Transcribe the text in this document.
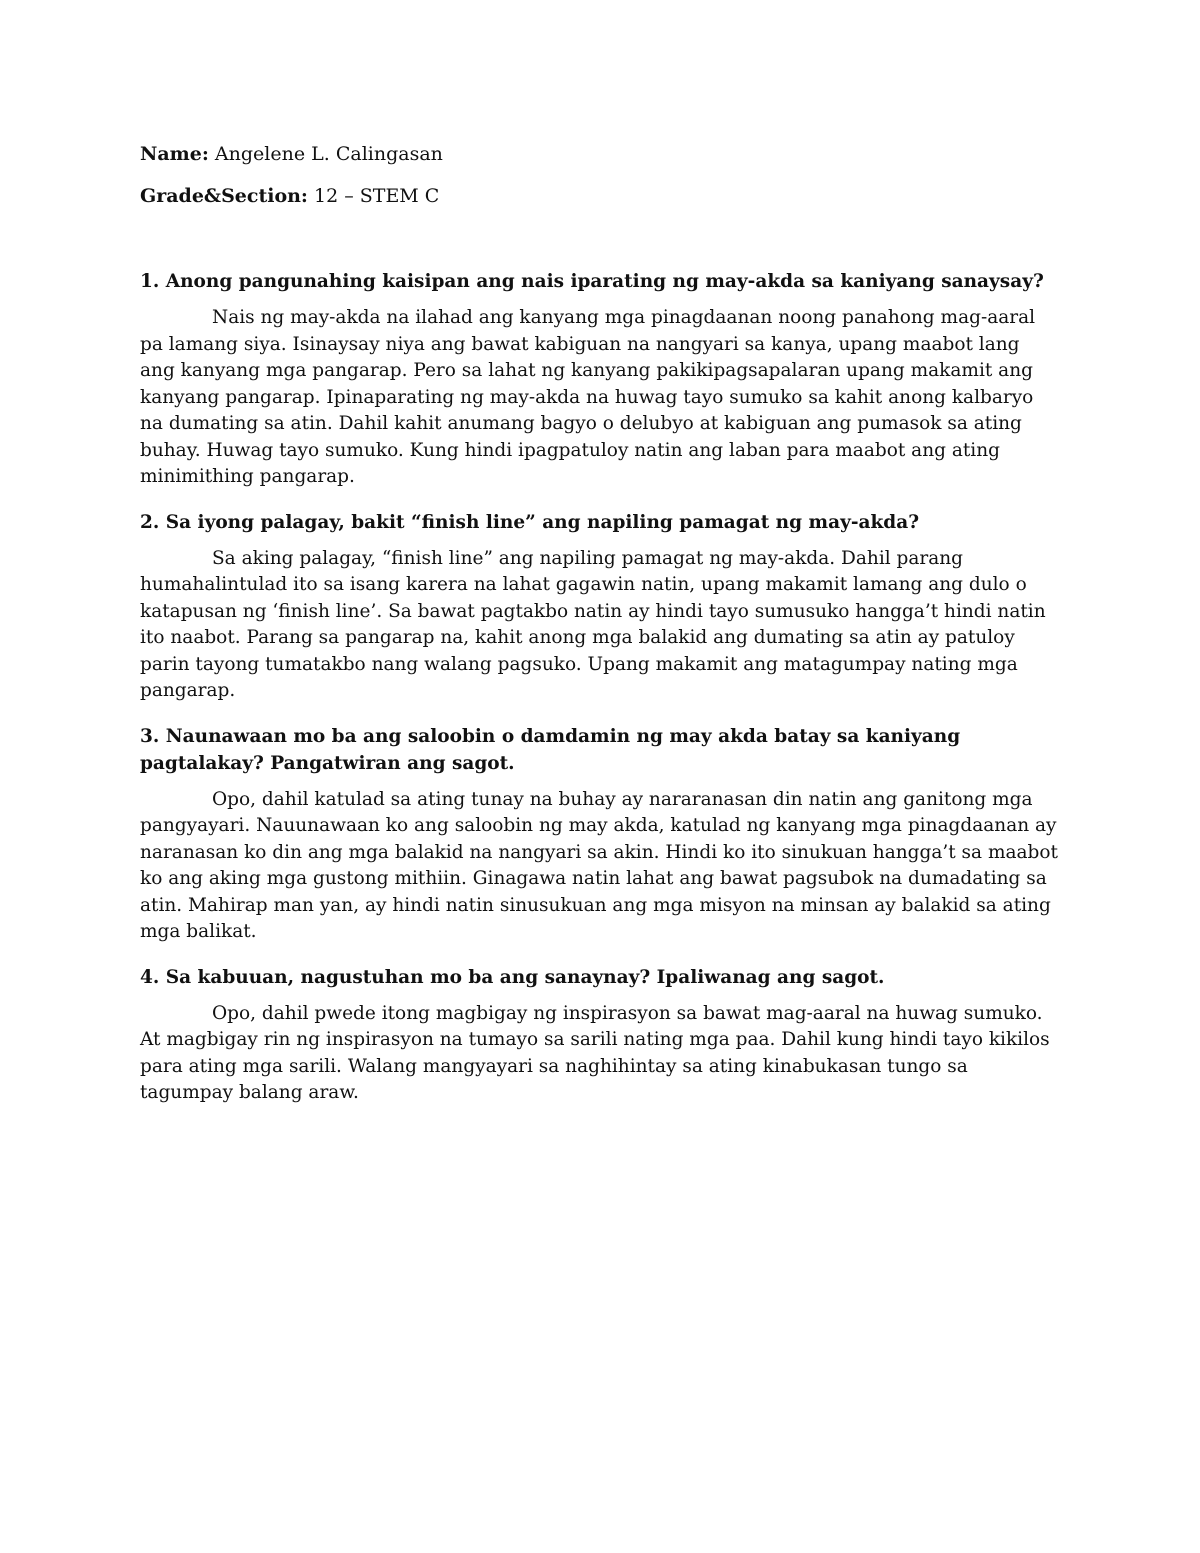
Name: Angelene L. Calingasan

Grade&Section: 12 – STEM C

1. Anong pangunahing kaisipan ang nais iparating ng may-akda sa kaniyang sanaysay?

Nais ng may-akda na ilahad ang kanyang mga pinagdaanan noong panahong mag-aaral pa lamang siya. Isinaysay niya ang bawat kabiguan na nangyari sa kanya, upang maabot lang ang kanyang mga pangarap. Pero sa lahat ng kanyang pakikipagsapalaran upang makamit ang kanyang pangarap. Ipinaparating ng may-akda na huwag tayo sumuko sa kahit anong kalbaryo na dumating sa atin. Dahil kahit anumang bagyo o delubyo at kabiguan ang pumasok sa ating buhay. Huwag tayo sumuko. Kung hindi ipagpatuloy natin ang laban para maabot ang ating minimithing pangarap.

2. Sa iyong palagay, bakit “finish line” ang napiling pamagat ng may-akda?

Sa aking palagay, “finish line” ang napiling pamagat ng may-akda. Dahil parang humahalintulad ito sa isang karera na lahat gagawin natin, upang makamit lamang ang dulo o katapusan ng ‘finish line’. Sa bawat pagtakbo natin ay hindi tayo sumusuko hangga’t hindi natin ito naabot. Parang sa pangarap na, kahit anong mga balakid ang dumating sa atin ay patuloy parin tayong tumatakbo nang walang pagsuko. Upang makamit ang matagumpay nating mga pangarap.

3. Naunawaan mo ba ang saloobin o damdamin ng may akda batay sa kaniyang pagtalakay? Pangatwiran ang sagot.

Opo, dahil katulad sa ating tunay na buhay ay nararanasan din natin ang ganitong mga pangyayari. Nauunawaan ko ang saloobin ng may akda, katulad ng kanyang mga pinagdaanan ay naranasan ko din ang mga balakid na nangyari sa akin. Hindi ko ito sinukuan hangga’t sa maabot ko ang aking mga gustong mithiin. Ginagawa natin lahat ang bawat pagsubok na dumadating sa atin. Mahirap man yan, ay hindi natin sinusukuan ang mga misyon na minsan ay balakid sa ating mga balikat.

4. Sa kabuuan, nagustuhan mo ba ang sanaynay? Ipaliwanag ang sagot.

Opo, dahil pwede itong magbigay ng inspirasyon sa bawat mag-aaral na huwag sumuko. At magbigay rin ng inspirasyon na tumayo sa sarili nating mga paa. Dahil kung hindi tayo kikilos para ating mga sarili. Walang mangyayari sa naghihintay sa ating kinabukasan tungo sa tagumpay balang araw.
